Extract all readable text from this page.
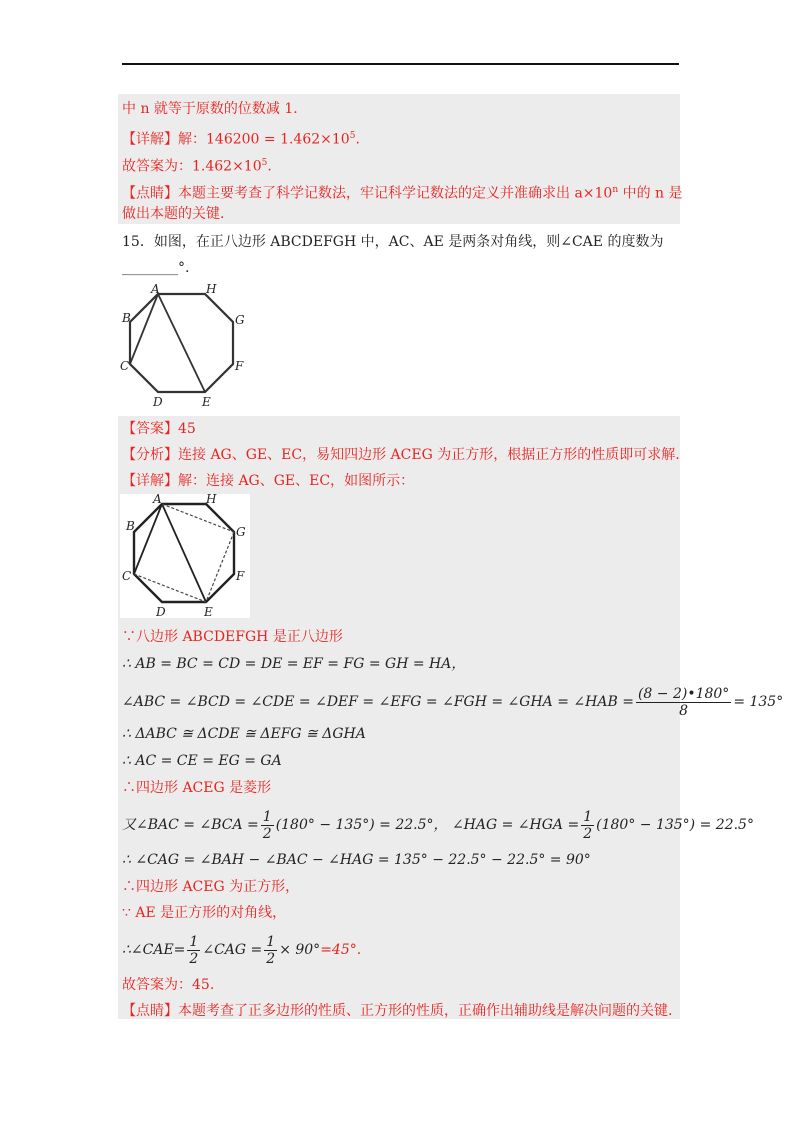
中 n 就等于原数的位数减 1.
【详解】解：$146200 = 1.462\times 10^5$.
故答案为：$1.462\times 10^5$.
【点睛】本题主要考查了科学记数法，牢记科学记数法的定义并准确求出 $a\times 10^n$ 中的 n 是
做出本题的关键.
15．如图，在正八边形 ABCDEFGH 中，AC、AE 是两条对角线，则∠CAE 的度数为
________°.
A	H
G
F
E
D
C
B
【答案】45
【分析】连接 AG、GE、EC，易知四边形 ACEG 为正方形，根据正方形的性质即可求解.
【详解】解：连接 AG、GE、EC，如图所示：
A	H
G
F
E
D
C
B
∵八边形 ABCDEFGH 是正八边形
∴ AB = BC = CD = DE = EF = FG = GH = HA，
∠ABC = ∠BCD = ∠CDE = ∠DEF = ∠EFG = ∠FGH = ∠GHA = ∠HAB = $\frac{(8 - 2)•180^\circ}{8} = 135^\circ$
∴ ΔABC ≅ ΔCDE ≅ ΔEFG ≅ ΔGHA
∴ AC = CE = EG = GA
∴四边形 ACEG 是菱形
又∠BAC = ∠BCA = $\frac{1}{2} (180^\circ - 135^\circ) = 22.5^\circ$， ∠HAG = ∠HGA = $\frac{1}{2} (180^\circ - 135^\circ) = 22.5^\circ$
∴ ∠CAG = ∠BAH − ∠BAC − ∠HAG = 135° − 22.5° − 22.5° = 90°
∴四边形 ACEG 为正方形，
∵ AE 是正方形的对角线，
∴∠CAE= $\frac{1}{2}$ ∠CAG = $\frac{1}{2} \times 90^\circ =45^\circ$.
故答案为：45.
【点睛】本题考查了正多边形的性质、正方形的性质，正确作出辅助线是解决问题的关键.
